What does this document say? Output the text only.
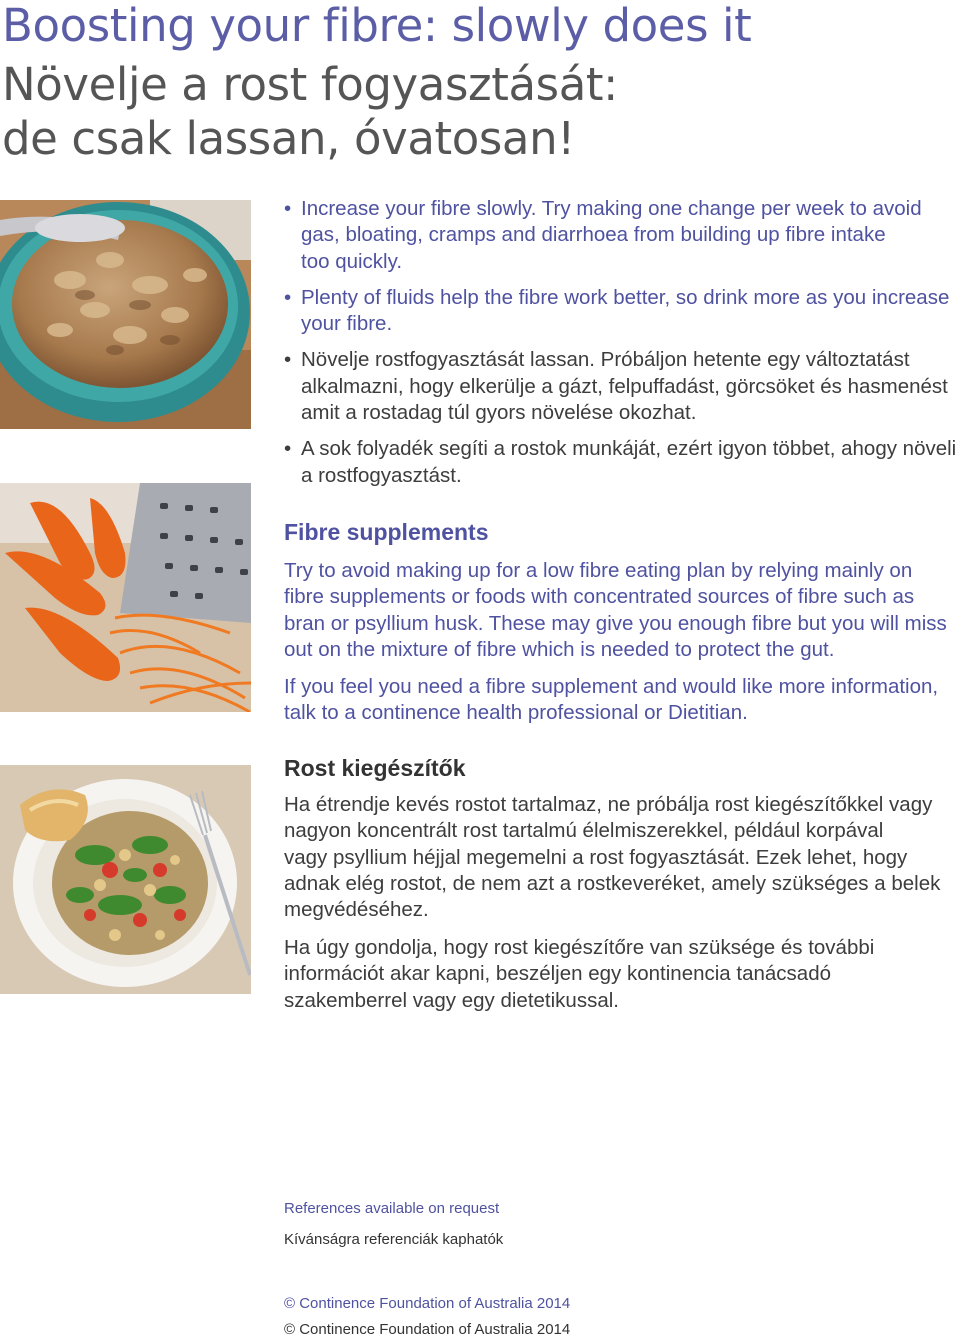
Boosting your fibre: slowly does it
Növelje a rost fogyasztását:
de csak lassan, óvatosan!
• Increase your fibre slowly. Try making one change per week to avoid
gas, bloating, cramps and diarrhoea from building up fibre intake
too quickly.
• Plenty of fluids help the fibre work better, so drink more as you increase
your fibre.
• Növelje rostfogyasztását lassan. Próbáljon hetente egy változtatást
alkalmazni, hogy elkerülje a gázt, felpuffadást, görcsöket és hasmenést
amit a rostadag túl gyors növelése okozhat.
• A sok folyadék segíti a rostok munkáját, ezért igyon többet, ahogy növeli
a rostfogyasztást.
Fibre supplements

Try to avoid making up for a low fibre eating plan by relying mainly on
fibre supplements or foods with concentrated sources of fibre such as
bran or psyllium husk. These may give you enough fibre but you will miss
out on the mixture of fibre which is needed to protect the gut.

If you feel you need a fibre supplement and would like more information,
talk to a continence health professional or Dietitian.

Rost kiegészítők

Ha étrendje kevés rostot tartalmaz, ne próbálja rost kiegészítőkkel vagy
nagyon koncentrált rost tartalmú élelmiszerekkel, például korpával
vagy psyllium héjjal megemelni a rost fogyasztását. Ezek lehet, hogy
adnak elég rostot, de nem azt a rostkeveréket, amely szükséges a belek
megvédéséhez.

Ha úgy gondolja, hogy rost kiegészítőre van szüksége és további
információt akar kapni, beszéljen egy kontinencia tanácsadó
szakemberrel vagy egy dietetikussal.

References available on request
Kívánságra referenciák kaphatók
© Continence Foundation of Australia 2014
© Continence Foundation of Australia 2014
